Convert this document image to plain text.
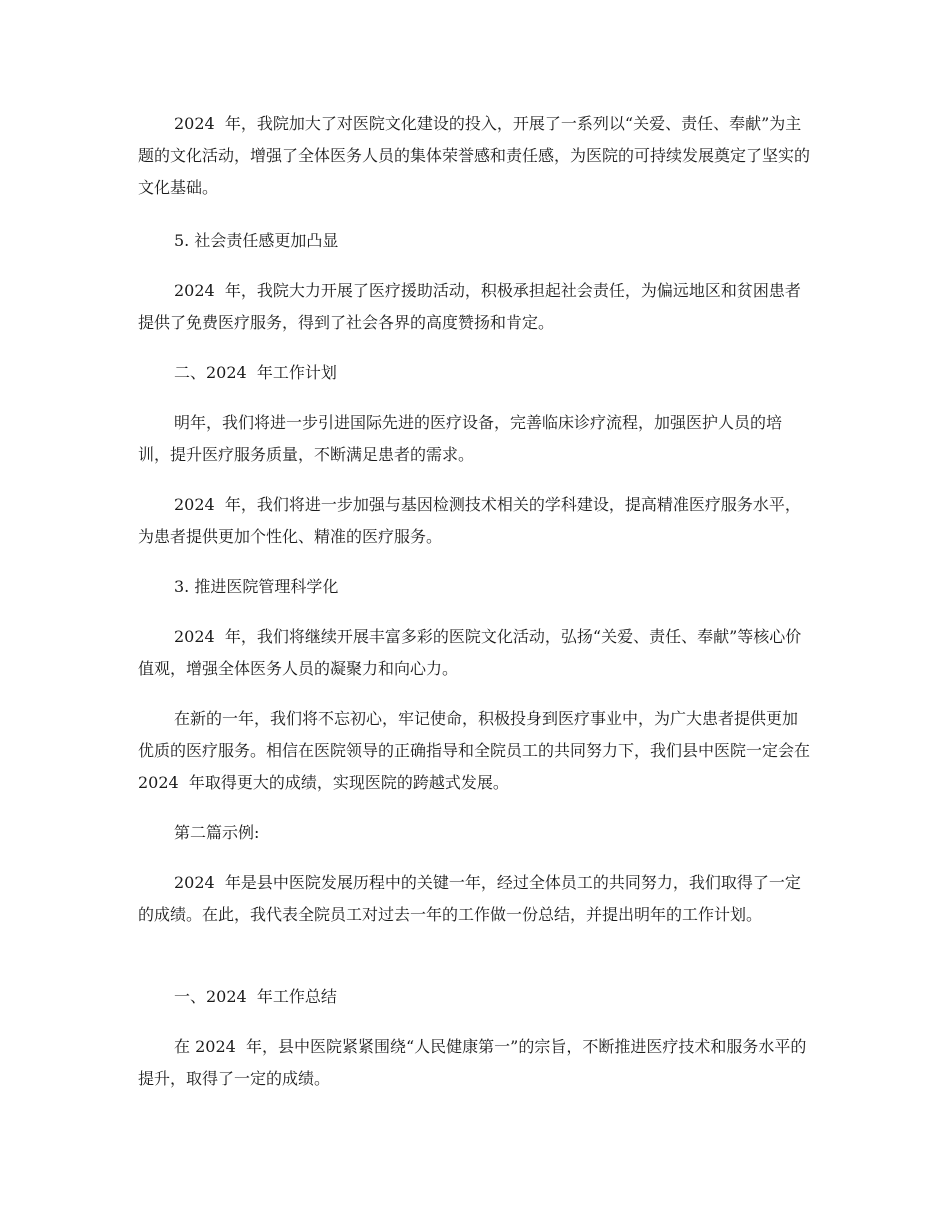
2024  年，我院加大了对医院文化建设的投入，开展了一系列以“关爱、责任、奉献”为主题的文化活动，增强了全体医务人员的集体荣誉感和责任感，为医院的可持续发展奠定了坚实的文化基础。

5. 社会责任感更加凸显

2024  年，我院大力开展了医疗援助活动，积极承担起社会责任，为偏远地区和贫困患者提供了免费医疗服务，得到了社会各界的高度赞扬和肯定。

二、2024  年工作计划

明年，我们将进一步引进国际先进的医疗设备，完善临床诊疗流程，加强医护人员的培训，提升医疗服务质量，不断满足患者的需求。

2024  年，我们将进一步加强与基因检测技术相关的学科建设，提高精准医疗服务水平，为患者提供更加个性化、精准的医疗服务。

3. 推进医院管理科学化

2024  年，我们将继续开展丰富多彩的医院文化活动，弘扬“关爱、责任、奉献”等核心价值观，增强全体医务人员的凝聚力和向心力。

在新的一年，我们将不忘初心，牢记使命，积极投身到医疗事业中，为广大患者提供更加优质的医疗服务。相信在医院领导的正确指导和全院员工的共同努力下，我们县中医院一定会在 2024  年取得更大的成绩，实现医院的跨越式发展。

第二篇示例:

2024  年是县中医院发展历程中的关键一年，经过全体员工的共同努力，我们取得了一定的成绩。在此，我代表全院员工对过去一年的工作做一份总结，并提出明年的工作计划。

一、2024  年工作总结

在 2024  年，县中医院紧紧围绕“人民健康第一”的宗旨，不断推进医疗技术和服务水平的提升，取得了一定的成绩。
